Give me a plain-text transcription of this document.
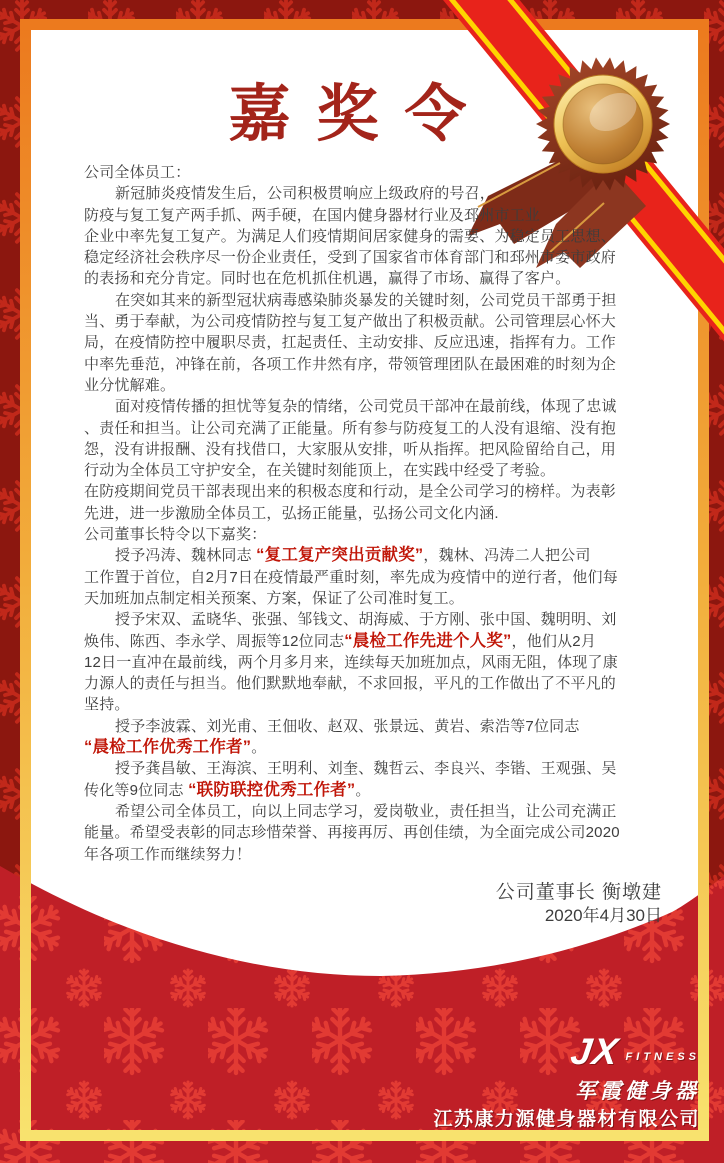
嘉奖令
公司全体员工：
新冠肺炎疫情发生后，公司积极贯响应上级政府的号召，
防疫与复工复产两手抓、两手硬，在国内健身器材行业及邳州市工业
企业中率先复工复产。为满足人们疫情期间居家健身的需要、为稳定员工思想、
稳定经济社会秩序尽一份企业责任，受到了国家省市体育部门和邳州市委市政府
的表扬和充分肯定。同时也在危机抓住机遇，赢得了市场、赢得了客户。
在突如其来的新型冠状病毒感染肺炎暴发的关键时刻，公司党员干部勇于担
当、勇于奉献，为公司疫情防控与复工复产做出了积极贡献。公司管理层心怀大
局，在疫情防控中履职尽责，扛起责任、主动安排、反应迅速，指挥有力。工作
中率先垂范，冲锋在前，各项工作井然有序，带领管理团队在最困难的时刻为企
业分忧解难。
面对疫情传播的担忧等复杂的情绪，公司党员干部冲在最前线，体现了忠诚
、责任和担当。让公司充满了正能量。所有参与防疫复工的人没有退缩、没有抱
怨，没有讲报酬、没有找借口，大家服从安排，听从指挥。把风险留给自己，用
行动为全体员工守护安全，在关键时刻能顶上，在实践中经受了考验。
在防疫期间党员干部表现出来的积极态度和行动，是全公司学习的榜样。为表彰
先进，进一步激励全体员工，弘扬正能量，弘扬公司文化内涵.
公司董事长特令以下嘉奖：
授予冯涛、魏林同志 “复工复产突出贡献奖”，魏林、冯涛二人把公司
工作置于首位，自2月7日在疫情最严重时刻，率先成为疫情中的逆行者，他们每
天加班加点制定相关预案、方案，保证了公司准时复工。
授予宋双、孟晓华、张强、邹钱文、胡海威、于方刚、张中国、魏明明、刘
焕伟、陈西、李永学、周振等12位同志“晨检工作先进个人奖”，他们从2月
12日一直冲在最前线，两个月多月来，连续每天加班加点，风雨无阻，体现了康
力源人的责任与担当。他们默默地奉献，不求回报，平凡的工作做出了不平凡的
坚持。
授予李波霖、刘光甫、王佃收、赵双、张景远、黄岩、索浩等7位同志
“晨检工作优秀工作者”。
授予龚昌敏、王海滨、王明利、刘奎、魏哲云、李良兴、李锴、王观强、吴
传化等9位同志 “联防联控优秀工作者”。
希望公司全体员工，向以上同志学习，爱岗敬业，责任担当，让公司充满正
能量。希望受表彰的同志珍惜荣誉、再接再厉、再创佳绩，为全面完成公司2020
年各项工作而继续努力！
公司董事长 衡墩建
2020年4月30日
JX FITNESS
军霞健身器
江苏康力源健身器材有限公司
